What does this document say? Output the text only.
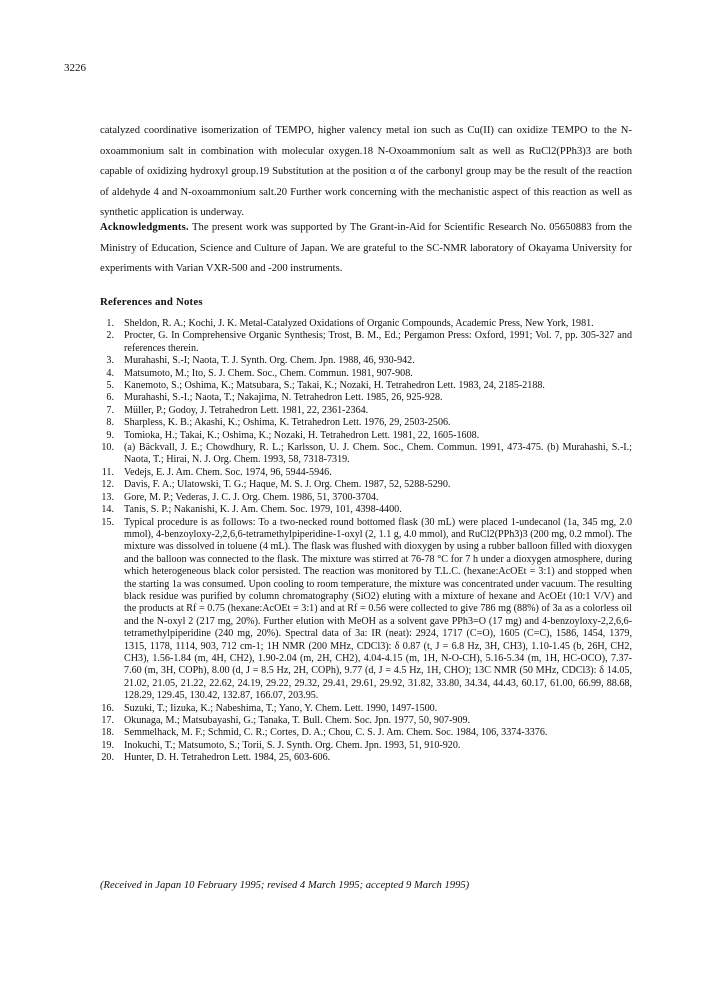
3226

catalyzed coordinative isomerization of TEMPO, higher valency metal ion such as Cu(II) can oxidize TEMPO to the N-oxoammonium salt in combination with molecular oxygen.18 N-Oxoammonium salt as well as RuCl2(PPh3)3 are both capable of oxidizing hydroxyl group.19 Substitution at the position α of the carbonyl group may be the result of the reaction of aldehyde 4 and N-oxoammonium salt.20 Further work concerning with the mechanistic aspect of this reaction as well as synthetic application is underway.

Acknowledgments. The present work was supported by The Grant-in-Aid for Scientific Research No. 05650883 from the Ministry of Education, Science and Culture of Japan. We are grateful to the SC-NMR laboratory of Okayama University for experiments with Varian VXR-500 and -200 instruments.

References and Notes
1. Sheldon, R. A.; Kochi, J. K. Metal-Catalyzed Oxidations of Organic Compounds, Academic Press, New York, 1981.
2. Procter, G. In Comprehensive Organic Synthesis; Trost, B. M., Ed.; Pergamon Press: Oxford, 1991; Vol. 7, pp. 305-327 and references therein.
3. Murahashi, S.-I; Naota, T. J. Synth. Org. Chem. Jpn. 1988, 46, 930-942.
4. Matsumoto, M.; Ito, S. J. Chem. Soc., Chem. Commun. 1981, 907-908.
5. Kanemoto, S.; Oshima, K.; Matsubara, S.; Takai, K.; Nozaki, H. Tetrahedron Lett. 1983, 24, 2185-2188.
6. Murahashi, S.-I.; Naota, T.; Nakajima, N. Tetrahedron Lett. 1985, 26, 925-928.
7. Müller, P.; Godoy, J. Tetrahedron Lett. 1981, 22, 2361-2364.
8. Sharpless, K. B.; Akashi, K.; Oshima, K. Tetrahedron Lett. 1976, 29, 2503-2506.
9. Tomioka, H.; Takai, K.; Oshima, K.; Nozaki, H. Tetrahedron Lett. 1981, 22, 1605-1608.
10. (a) Bäckvall, J. E.; Chowdhury, R. L.; Karlsson, U. J. Chem. Soc., Chem. Commun. 1991, 473-475. (b) Murahashi, S.-I.; Naota, T.; Hirai, N. J. Org. Chem. 1993, 58, 7318-7319.
11. Vedejs, E. J. Am. Chem. Soc. 1974, 96, 5944-5946.
12. Davis, F. A.; Ulatowski, T. G.; Haque, M. S. J. Org. Chem. 1987, 52, 5288-5290.
13. Gore, M. P.; Vederas, J. C. J. Org. Chem. 1986, 51, 3700-3704.
14. Tanis, S. P.; Nakanishi, K. J. Am. Chem. Soc. 1979, 101, 4398-4400.
15. Typical procedure is as follows: To a two-necked round bottomed flask (30 mL) were placed 1-undecanol (1a, 345 mg, 2.0 mmol), 4-benzoyloxy-2,2,6,6-tetramethylpiperidine-1-oxyl (2, 1.1 g, 4.0 mmol), and RuCl2(PPh3)3 (200 mg, 0.2 mmol). The mixture was dissolved in toluene (4 mL). The flask was flushed with dioxygen by using a rubber balloon filled with dioxygen and the balloon was connected to the flask. The mixture was stirred at 76-78 °C for 7 h under a dioxygen atmosphere, during which heterogeneous black color persisted. The reaction was monitored by T.L.C. (hexane:AcOEt = 3:1) and stopped when the starting 1a was consumed. Upon cooling to room temperature, the mixture was concentrated under vacuum. The resulting black residue was purified by column chromatography (SiO2) eluting with a mixture of hexane and AcOEt (10:1 V/V) and the products at Rf = 0.75 (hexane:AcOEt = 3:1) and at Rf = 0.56 were collected to give 786 mg (88%) of 3a as a colorless oil and the N-oxyl 2 (217 mg, 20%). Further elution with MeOH as a solvent gave PPh3=O (17 mg) and 4-benzoyloxy-2,2,6,6-tetramethylpiperidine (240 mg, 20%). Spectral data of 3a: IR (neat): 2924, 1717 (C=O), 1605 (C=C), 1586, 1454, 1379, 1315, 1178, 1114, 903, 712 cm-1; 1H NMR (200 MHz, CDCl3): δ 0.87 (t, J = 6.8 Hz, 3H, CH3), 1.10-1.45 (b, 26H, CH2, CH3), 1.56-1.84 (m, 4H, CH2), 1.90-2.04 (m, 2H, CH2), 4.04-4.15 (m, 1H, N-O-CH), 5.16-5.34 (m, 1H, HC-OCO), 7.37-7.60 (m, 3H, COPh), 8.00 (d, J = 8.5 Hz, 2H, COPh), 9.77 (d, J = 4.5 Hz, 1H, CHO); 13C NMR (50 MHz, CDCl3): δ 14.05, 21.02, 21.05, 21.22, 22.62, 24.19, 29.22, 29.32, 29.41, 29.61, 29.92, 31.82, 33.80, 34.34, 44.43, 60.17, 61.00, 66.99, 88.68, 128.29, 129.45, 130.42, 132.87, 166.07, 203.95.
16. Suzuki, T.; Iizuka, K.; Nabeshima, T.; Yano, Y. Chem. Lett. 1990, 1497-1500.
17. Okunaga, M.; Matsubayashi, G.; Tanaka, T. Bull. Chem. Soc. Jpn. 1977, 50, 907-909.
18. Semmelhack, M. F.; Schmid, C. R.; Cortes, D. A.; Chou, C. S. J. Am. Chem. Soc. 1984, 106, 3374-3376.
19. Inokuchi, T.; Matsumoto, S.; Torii, S. J. Synth. Org. Chem. Jpn. 1993, 51, 910-920.
20. Hunter, D. H. Tetrahedron Lett. 1984, 25, 603-606.

(Received in Japan 10 February 1995; revised 4 March 1995; accepted 9 March 1995)
